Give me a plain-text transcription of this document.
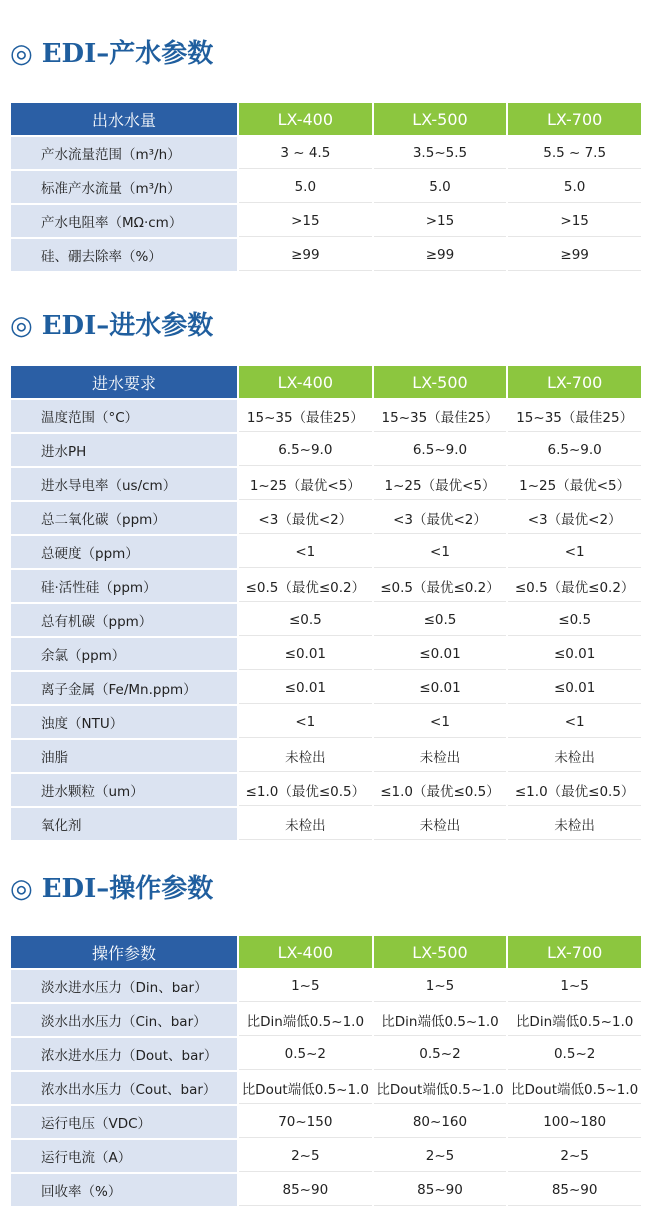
◎ EDI–产水参数
出水水量	LX-400	LX-500	LX-700
产水流量范围（m³/h）	3 ~ 4.5	3.5~5.5	5.5 ~ 7.5
标准产水流量（m³/h）	5.0	5.0	5.0
产水电阻率（MΩ·cm）	>15	>15	>15
硅、硼去除率（%）	≥99	≥99	≥99
◎ EDI–进水参数
进水要求	LX-400	LX-500	LX-700
温度范围（°C）	15~35（最佳25）	15~35（最佳25）	15~35（最佳25）
进水PH	6.5~9.0	6.5~9.0	6.5~9.0
进水导电率（us/cm）	1~25（最优<5）	1~25（最优<5）	1~25（最优<5）
总二氧化碳（ppm）	<3（最优<2）	<3（最优<2）	<3（最优<2）
总硬度（ppm）	<1	<1	<1
硅·活性硅（ppm）	≤0.5（最优≤0.2）	≤0.5（最优≤0.2）	≤0.5（最优≤0.2）
总有机碳（ppm）	≤0.5	≤0.5	≤0.5
余氯（ppm）	≤0.01	≤0.01	≤0.01
离子金属（Fe/Mn.ppm）	≤0.01	≤0.01	≤0.01
浊度（NTU）	<1	<1	<1
油脂	未检出	未检出	未检出
进水颗粒（um）	≤1.0（最优≤0.5）	≤1.0（最优≤0.5）	≤1.0（最优≤0.5）
氧化剂	未检出	未检出	未检出
◎ EDI–操作参数
操作参数	LX-400	LX-500	LX-700
淡水进水压力（Din、bar）	1~5	1~5	1~5
淡水出水压力（Cin、bar）	比Din端低0.5~1.0	比Din端低0.5~1.0	比Din端低0.5~1.0
浓水进水压力（Dout、bar）	0.5~2	0.5~2	0.5~2
浓水出水压力（Cout、bar）	比Dout端低0.5~1.0	比Dout端低0.5~1.0	比Dout端低0.5~1.0
运行电压（VDC）	70~150	80~160	100~180
运行电流（A）	2~5	2~5	2~5
回收率（%）	85~90	85~90	85~90
